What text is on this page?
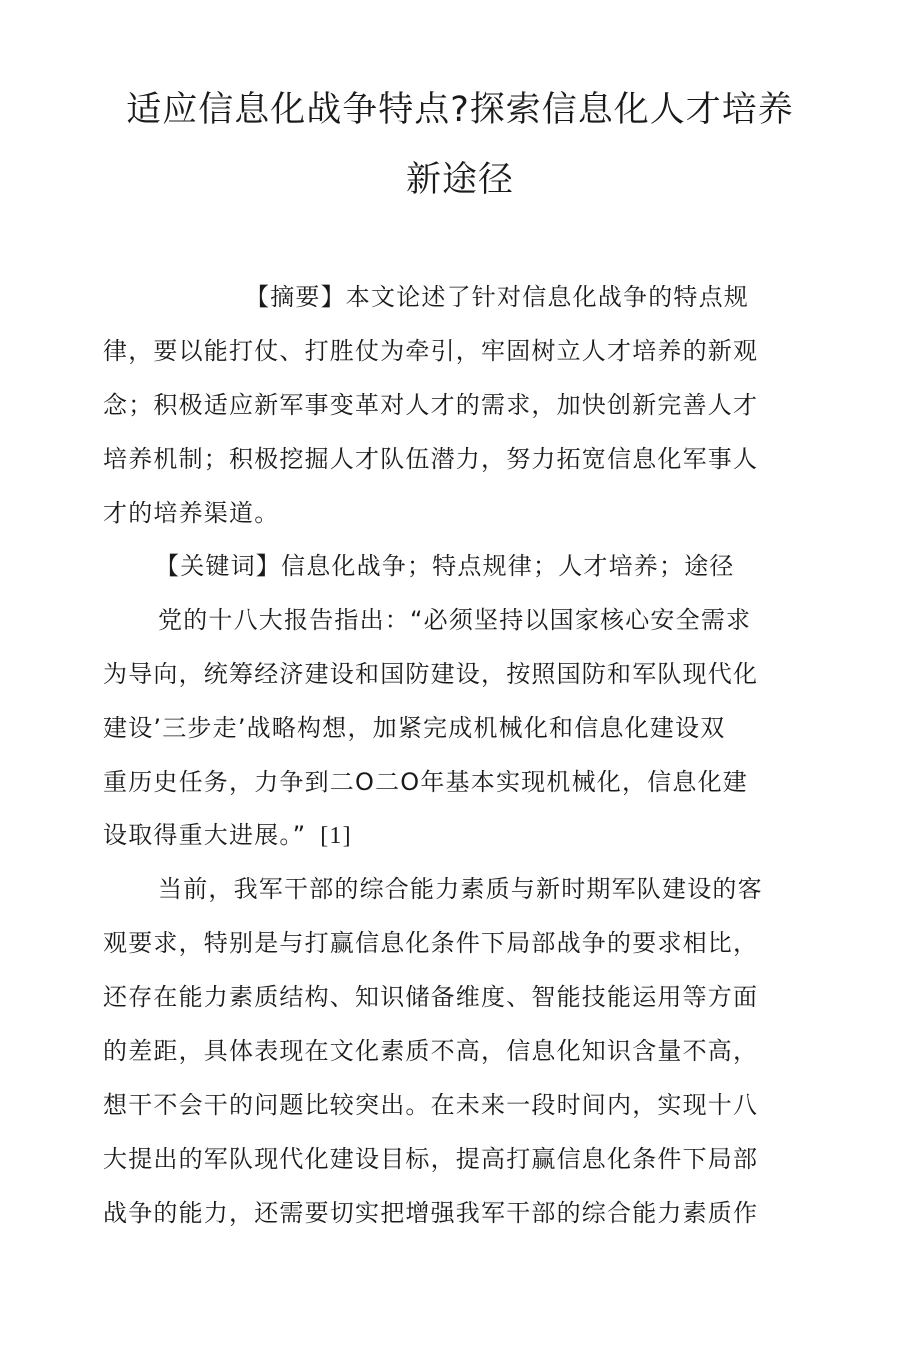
适应信息化战争特点?探索信息化人才培养
新途径

【摘要】本文论述了针对信息化战争的特点规

律，要以能打仗、打胜仗为牵引，牢固树立人才培养的新观

念；积极适应新军事变革对人才的需求，加快创新完善人才

培养机制；积极挖掘人才队伍潜力，努力拓宽信息化军事人

才的培养渠道。

【关键词】信息化战争；特点规律；人才培养；途径

党的十八大报告指出：“必须坚持以国家核心安全需求

为导向，统筹经济建设和国防建设，按照国防和军队现代化

建设’三步走’战略构想，加紧完成机械化和信息化建设双

重历史任务，力争到二O二O年基本实现机械化，信息化建

设取得重大进展。” [1]

当前，我军干部的综合能力素质与新时期军队建设的客

观要求，特别是与打赢信息化条件下局部战争的要求相比，

还存在能力素质结构、知识储备维度、智能技能运用等方面

的差距，具体表现在文化素质不高，信息化知识含量不高，

想干不会干的问题比较突出。在未来一段时间内，实现十八

大提出的军队现代化建设目标，提高打赢信息化条件下局部

战争的能力，还需要切实把增强我军干部的综合能力素质作
